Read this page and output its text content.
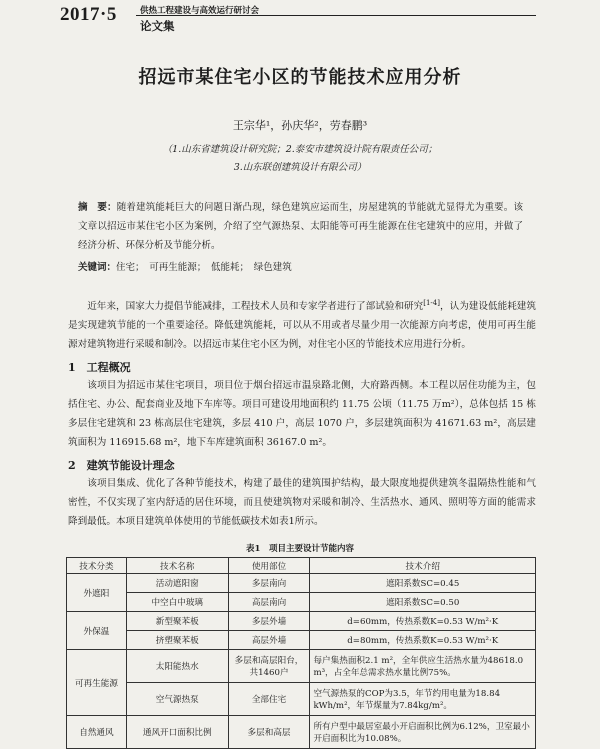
2017·5	供热工程建设与高效运行研讨会
论文集
招远市某住宅小区的节能技术应用分析
王宗华¹，孙庆华²，劳春鹏³
（1.山东省建筑设计研究院；2.泰安市建筑设计院有限责任公司；
3.山东联创建筑设计有限公司）
摘　要：随着建筑能耗巨大的问题日渐凸现，绿色建筑应运而生，房屋建筑的节能就尤显得尤为重要。该文章以招远市某住宅小区为案例，介绍了空气源热泵、太阳能等可再生能源在住宅建筑中的应用，并做了经济分析、环保分析及节能分析。
关键词：住宅；　可再生能源；　低能耗；　绿色建筑
近年来，国家大力提倡节能减排，工程技术人员和专家学者进行了部试验和研究[1-4]，认为建设低能耗建筑是实现建筑节能的一个重要途径。降低建筑能耗，可以从不用或者尽量少用一次能源方向考虑，使用可再生能源对建筑物进行采暖和制冷。以招远市某住宅小区为例，对住宅小区的节能技术应用进行分析。
1　工程概况
该项目为招远市某住宅项目，项目位于烟台招远市温泉路北侧，大府路西侧。本工程以居住功能为主，包括住宅、办公、配套商业及地下车库等。项目可建设用地面积约 11.75 公顷（11.75 万m²），总体包括 15 栋多层住宅建筑和 23 栋高层住宅建筑，多层 410 户，高层 1070 户，多层建筑面积为 41671.63 m²，高层建筑面积为 116915.68 m²，地下车库建筑面积 36167.0 m²。
2　建筑节能设计理念
该项目集成、优化了各种节能技术，构建了最佳的建筑围护结构，最大限度地提供建筑冬温隔热性能和气密性，不仅实现了室内舒适的居住环境，而且使建筑物对采暖和制冷、生活热水、通风、照明等方面的能需求降到最低。本项目建筑单体使用的节能低碳技术如表1所示。
表1　项目主要设计节能内容
技术分类	技术名称	使用部位	技术介绍
外遮阳	活动遮阳窗	多层南向	遮阳系数SC=0.45
	中空白中玻璃	高层南向	遮阳系数SC=0.50
外保温	新型聚苯板	多层外墙	d=60mm，传热系数K=0.53 W/m²·K
	挤塑聚苯板	高层外墙	d=80mm，传热系数K=0.53 W/m²·K
可再生能源	太阳能热水	多层和高层阳台，共1460户	每户集热面积2.1 m²，全年供应生活热水量为48618.0 m³，占全年总需求热水量比例75%。
	空气源热泵	全部住宅	空气源热泵的COP为3.5，年节约用电量为18.84 kWh/m²，年节煤量为7.84kg/m²。
自然通风	通风开口面积比例	多层和高层	所有户型中最居室最小开启面积比例为6.12%，卫室最小开启面积比为10.08%。
